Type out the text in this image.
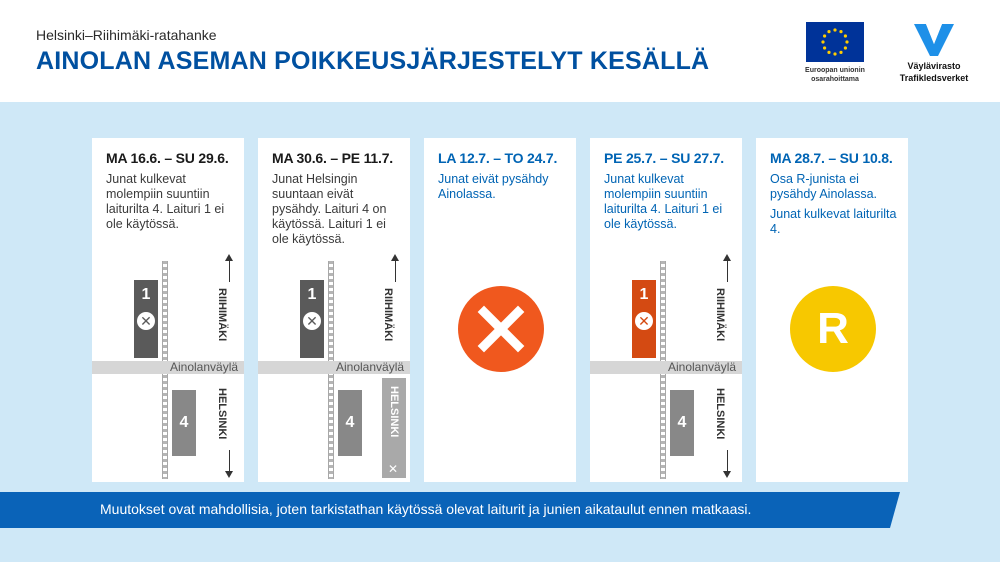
Helsinki–Riihimäki-ratahanke
AINOLAN ASEMAN POIKKEUSJÄRJESTELYT KESÄLLÄ	Euroopan unionin
osarahoittama
Väylävirasto
Trafikledsverket
MA 16.6. – SU 29.6.

Junat kulkevat molempiin suuntiin laiturilta 4. Laituri 1 ei ole käytössä.

Ainolanväylä
1
✕
4
RIIHIMÄKI
HELSINKI
MA 30.6. – PE 11.7.

Junat Helsingin suuntaan eivät pysähdy. Laituri 4 on käytössä. Laituri 1 ei ole käytössä.

Ainolanväylä
1
✕
4
RIIHIMÄKI
HELSINKI
✕
LA 12.7. – TO 24.7.

Junat eivät pysähdy Ainolassa.

PE 25.7. – SU 27.7.

Junat kulkevat molempiin suuntiin laiturilta 4. Laituri 1 ei ole käytössä.

Ainolanväylä
1
✕
4
RIIHIMÄKI
HELSINKI
MA 28.7. – SU 10.8.

Osa R-junista ei pysähdy Ainolassa.

Junat kulkevat laiturilta 4.

R
Muutokset ovat mahdollisia, joten tarkistathan käytössä olevat laiturit ja junien aikataulut ennen matkaasi.
